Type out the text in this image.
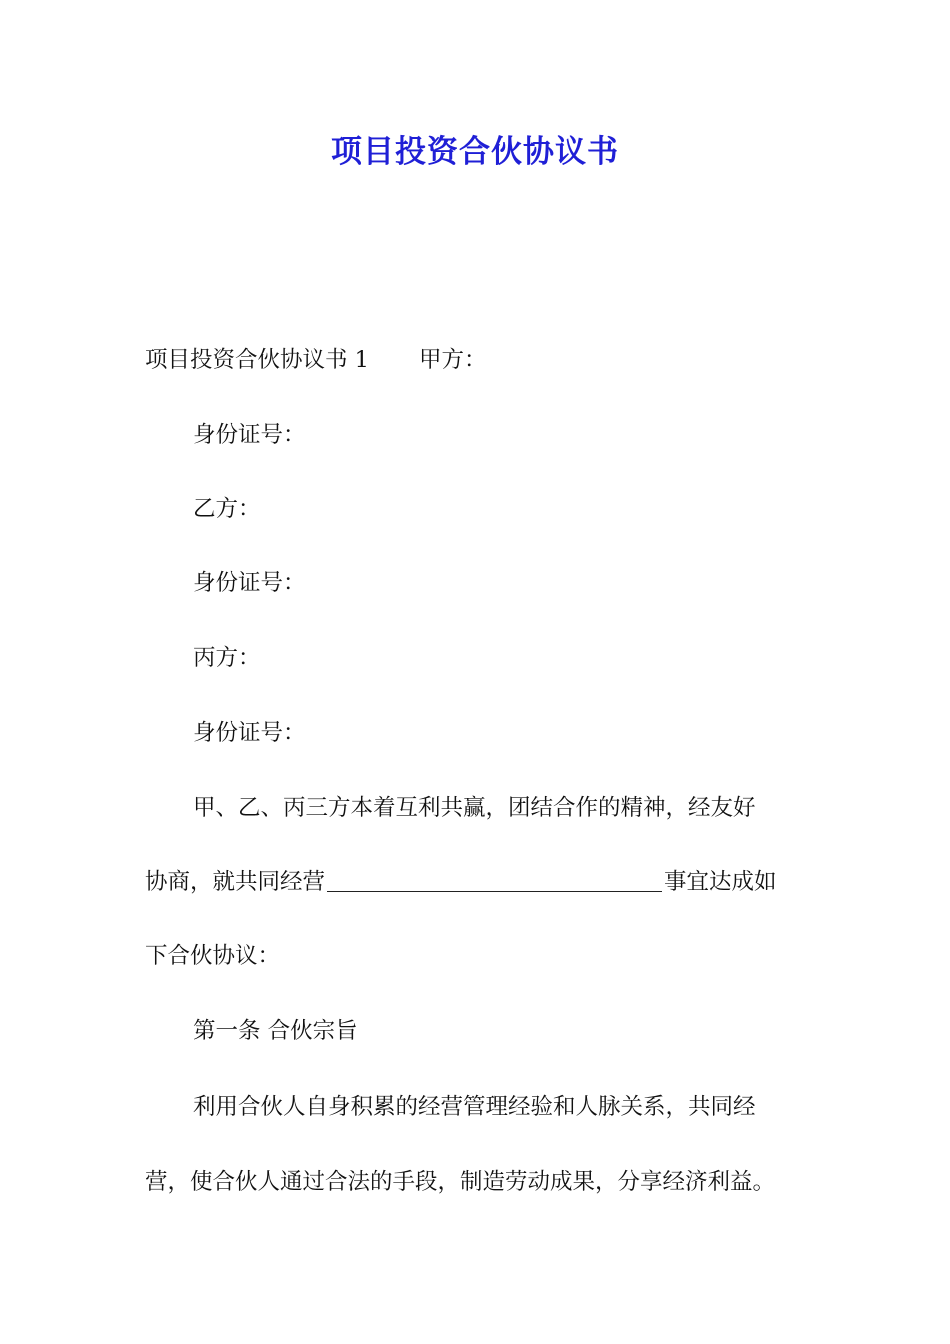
项目投资合伙协议书
项目投资合伙协议书 1 甲方：
身份证号：
乙方：
身份证号：
丙方：
身份证号：
甲、乙、丙三方本着互利共赢，团结合作的精神，经友好
协商，就共同经营	事宜达成如
下合伙协议：
第一条 合伙宗旨
利用合伙人自身积累的经营管理经验和人脉关系，共同经
营，使合伙人通过合法的手段，制造劳动成果，分享经济利益。
